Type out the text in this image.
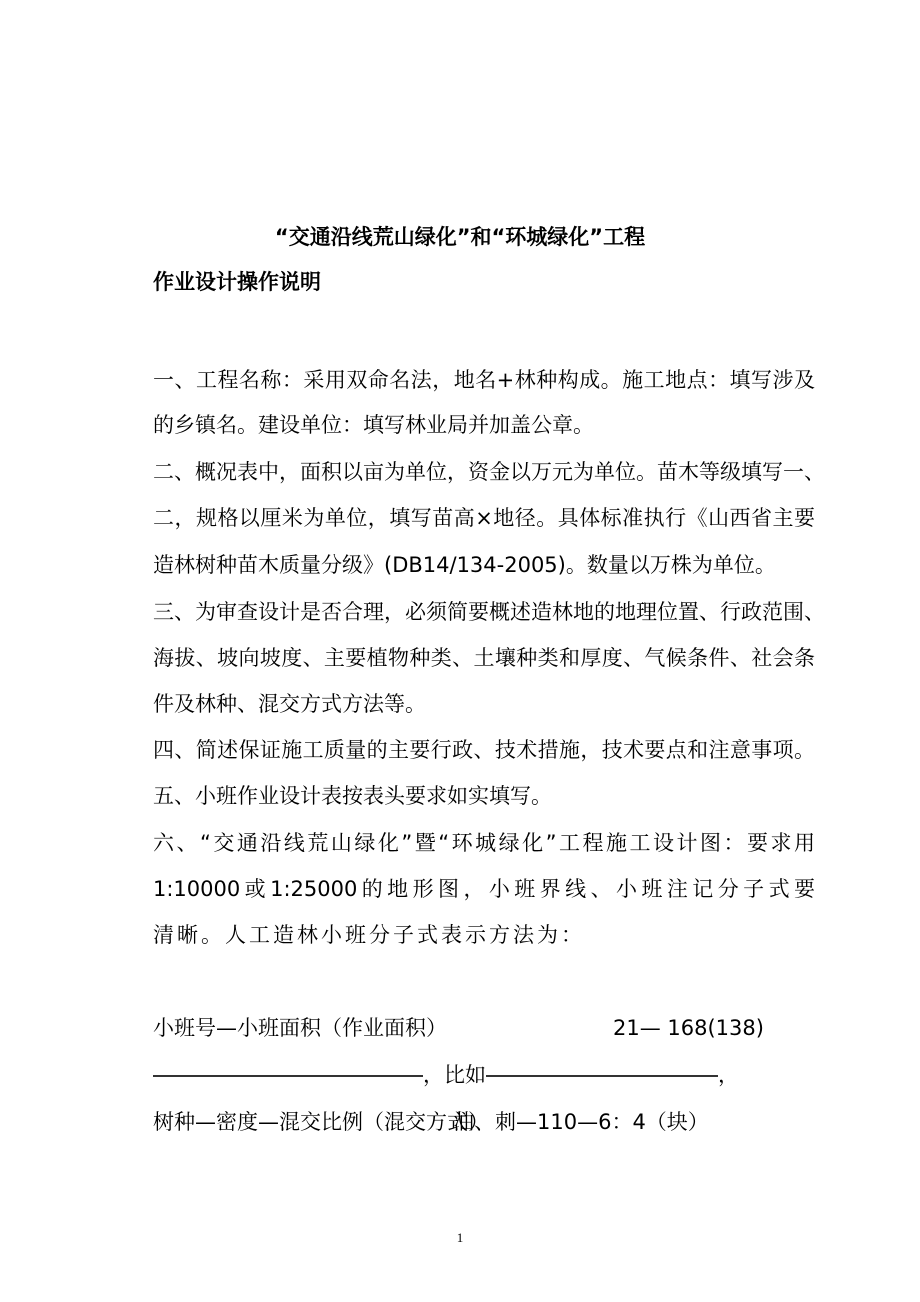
“交通沿线荒山绿化”和“环城绿化”工程
作业设计操作说明
一、工程名称：采用双命名法，地名+林种构成。施工地点：填写涉及
的乡镇名。建设单位：填写林业局并加盖公章。
二、概况表中，面积以亩为单位，资金以万元为单位。苗木等级填写一、
二，规格以厘米为单位，填写苗高×地径。具体标准执行《山西省主要
造林树种苗木质量分级》(DB14/134-2005)。数量以万株为单位。
三、为审查设计是否合理，必须简要概述造林地的地理位置、行政范围、
海拔、坡向坡度、主要植物种类、土壤种类和厚度、气候条件、社会条
件及林种、混交方式方法等。
四、简述保证施工质量的主要行政、技术措施，技术要点和注意事项。
五、小班作业设计表按表头要求如实填写。
六、“交通沿线荒山绿化”暨“环城绿化”工程施工设计图：要求用
1:10000或1:25000的地形图，小班界线、小班注记分子式要
清晰。人工造林小班分子式表示方法为：
小班号—小班面积（作业面积）	21— 168(138)
，比如	，
树种—密度—混交比例（混交方式）
油、刺—110—6：4（块）
1
